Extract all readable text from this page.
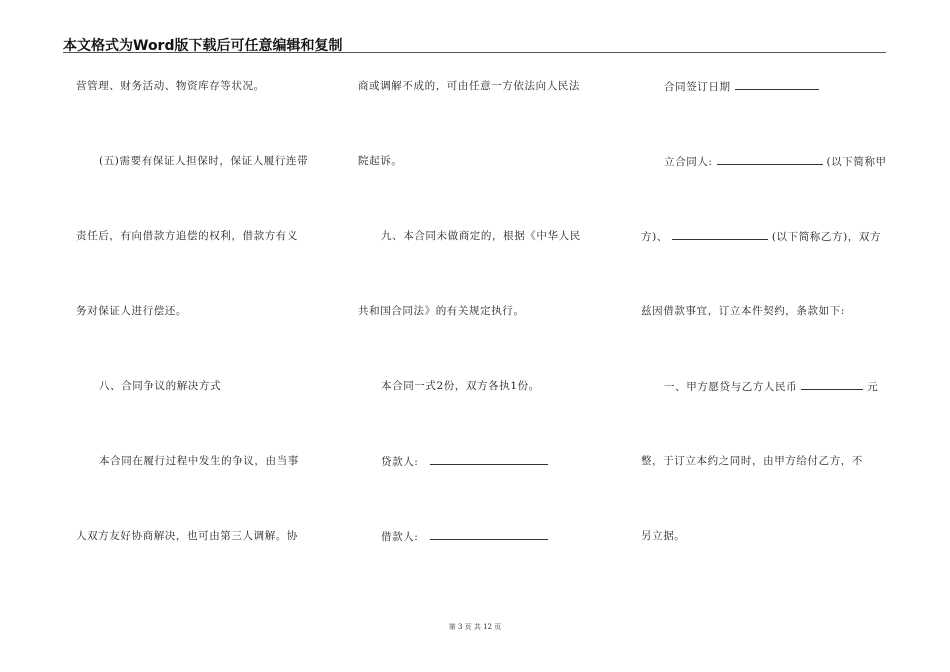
本文格式为Word版下载后可任意编辑和复制
营管理、财务活动、物资库存等状况。
(五)需要有保证人担保时，保证人履行连带
责任后，有向借款方追偿的权利，借款方有义
务对保证人进行偿还。
八、合同争议的解决方式
本合同在履行过程中发生的争议，由当事
人双方友好协商解决，也可由第三人调解。协
商或调解不成的，可由任意一方依法向人民法
院起诉。
九、本合同未做商定的，根据《中华人民
共和国合同法》的有关规定执行。
本合同一式2份，双方各执1份。
贷款人:
借款人:
合同签订日期
立合同人:	(以下简称甲
方)、	(以下简称乙方)，双方
兹因借款事宜，订立本件契约，条款如下:
一、甲方愿贷与乙方人民币	元
整，于订立本约之同时，由甲方给付乙方，不
另立据。
第 3 页 共 12 页
